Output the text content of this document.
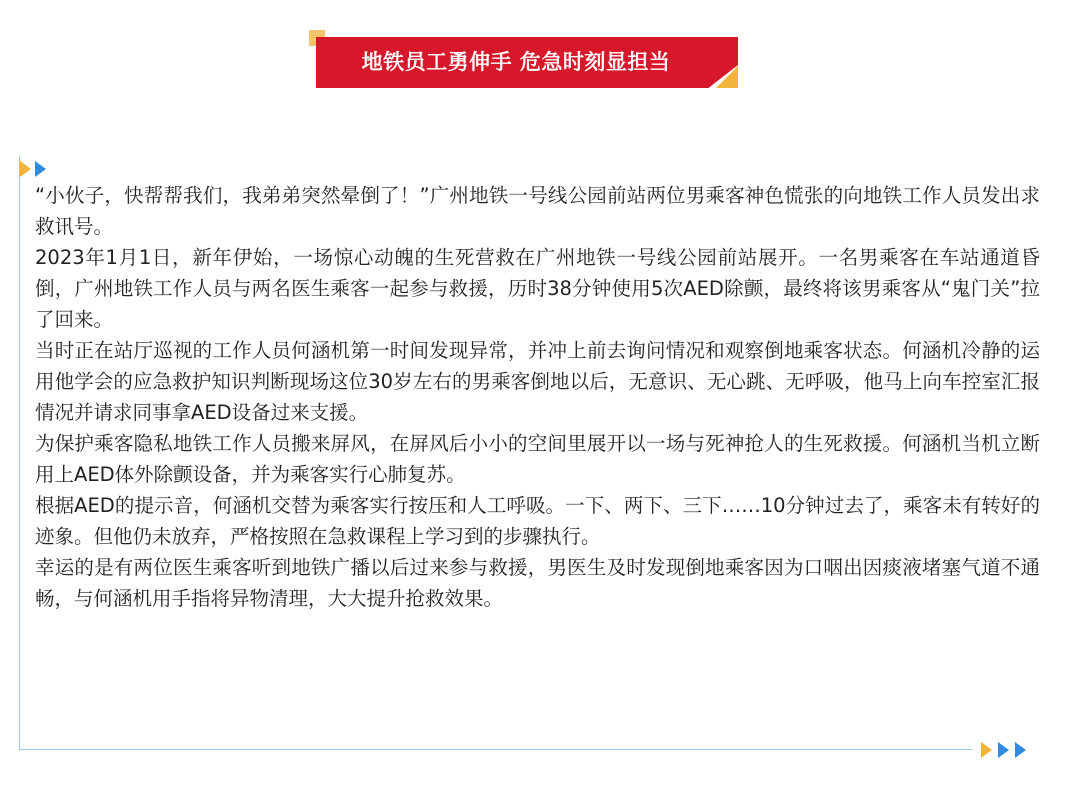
地铁员工勇伸手 危急时刻显担当

“小伙子，快帮帮我们，我弟弟突然晕倒了！”广州地铁一号线公园前站两位男乘客神色慌张的向地铁工作人员发出求救讯号。

2023年1月1日，新年伊始，一场惊心动魄的生死营救在广州地铁一号线公园前站展开。一名男乘客在车站通道昏倒，广州地铁工作人员与两名医生乘客一起参与救援，历时38分钟使用5次AED除颤，最终将该男乘客从“鬼门关”拉了回来。

当时正在站厅巡视的工作人员何涵机第一时间发现异常，并冲上前去询问情况和观察倒地乘客状态。何涵机冷静的运用他学会的应急救护知识判断现场这位30岁左右的男乘客倒地以后，无意识、无心跳、无呼吸，他马上向车控室汇报情况并请求同事拿AED设备过来支援。

为保护乘客隐私地铁工作人员搬来屏风，在屏风后小小的空间里展开以一场与死神抢人的生死救援。何涵机当机立断用上AED体外除颤设备，并为乘客实行心肺复苏。

根据AED的提示音，何涵机交替为乘客实行按压和人工呼吸。一下、两下、三下……10分钟过去了，乘客未有转好的迹象。但他仍未放弃，严格按照在急救课程上学习到的步骤执行。

幸运的是有两位医生乘客听到地铁广播以后过来参与救援，男医生及时发现倒地乘客因为口咽出因痰液堵塞气道不通畅，与何涵机用手指将异物清理，大大提升抢救效果。
